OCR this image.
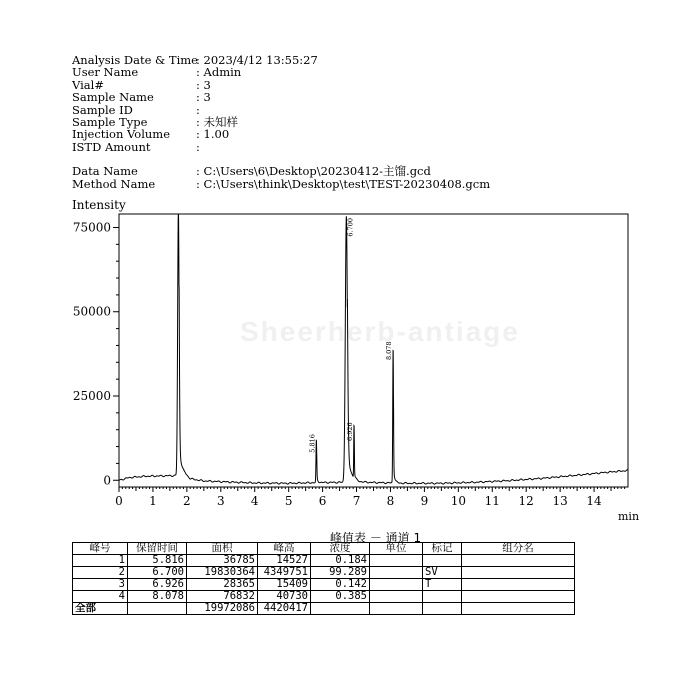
Analysis Date & Time
: 2023/4/12 13:55:27
User Name	: Admin
Vial#	: 3
Sample Name	: 3
Sample ID	:
Sample Type	: 未知样
Injection Volume	: 1.00
ISTD Amount	:
Data Name	: C:\Users\6\Desktop\20230412-主馏.gcd
Method Name	: C:\Users\think\Desktop\test\TEST-20230408.gcm
Intensity
Sheerherb-antiage
0 1 2 3 4 5 6 7 8 9 10 11 12 13 14
0
25000
50000
75000
min
5.816
6.700
6.926
8.078
峰值表 － 通道 1
峰号	保留时间	面积	峰高	浓度	单位	标记	组分名
1	5.816	36785	14527	0.184			
2	6.700	19830364	4349751	99.289		SV	
3	6.926	28365	15409	0.142		T	
4	8.078	76832	40730	0.385			
全部		19972086	4420417				
